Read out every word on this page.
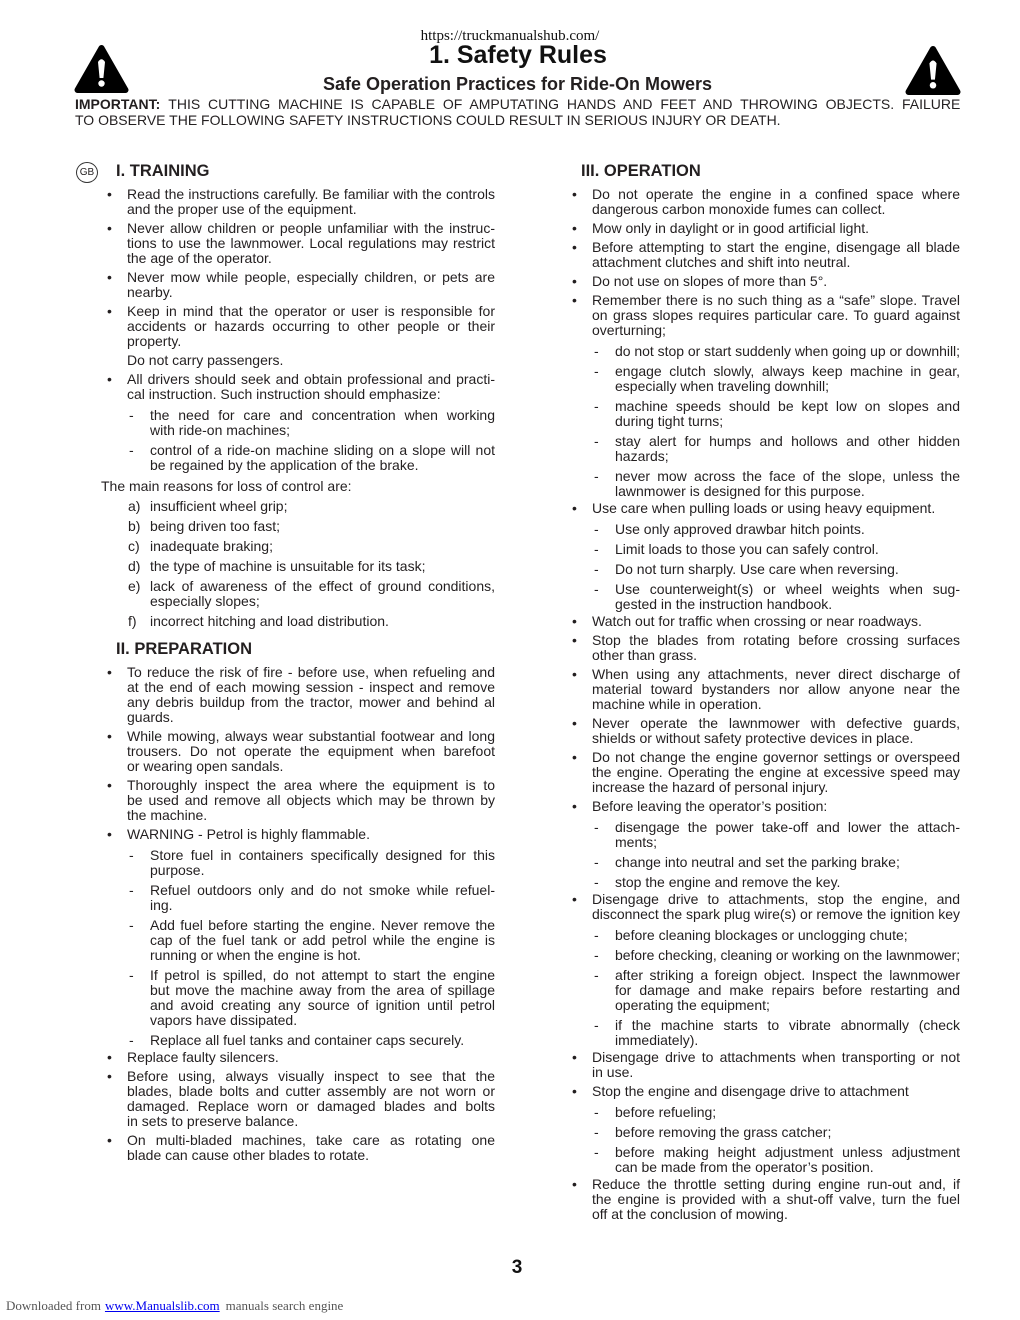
https://truckmanualshub.com/
1. Safety Rules
Safe Operation Practices for Ride-On Mowers
IMPORTANT: THIS CUTTING MACHINE IS CAPABLE OF AMPUTATING HANDS AND FEET AND THROWING OBJECTS. FAILURE
TO OBSERVE THE FOLLOWING SAFETY INSTRUCTIONS COULD RESULT IN SERIOUS INJURY OR DEATH.
GB	I. TRAINING
• Read the instructions carefully. Be familiar with the controls
and the proper use of the equipment.
• Never allow children or people unfamiliar with the instruc-
tions to use the lawnmower. Local regulations may restrict
the age of the operator.
• Never mow while people, especially children, or pets are
nearby.
• Keep in mind that the operator or user is responsible for
accidents or hazards occurring to other people or their
property.
Do not carry passengers.
• All drivers should seek and obtain professional and practi-
cal instruction. Such instruction should emphasize:
- the need for care and concentration when working
with ride-on machines;
- control of a ride-on machine sliding on a slope will not
be regained by the application of the brake.
The main reasons for loss of control are:
a) insufficient wheel grip;
b) being driven too fast;
c) inadequate braking;
d) the type of machine is unsuitable for its task;
e) lack of awareness of the effect of ground conditions,
especially slopes;
f) incorrect hitching and load distribution.
II. PREPARATION
• To reduce the risk of fire - before use, when refueling and
at the end of each mowing session - inspect and remove
any debris buildup from the tractor, mower and behind al
guards.
• While mowing, always wear substantial footwear and long
trousers. Do not operate the equipment when barefoot
or wearing open sandals.
• Thoroughly inspect the area where the equipment is to
be used and remove all objects which may be thrown by
the machine.
• WARNING - Petrol is highly flammable.
- Store fuel in containers specifically designed for this
purpose.
- Refuel outdoors only and do not smoke while refuel-
ing.
- Add fuel before starting the engine. Never remove the
cap of the fuel tank or add petrol while the engine is
running or when the engine is hot.
- If petrol is spilled, do not attempt to start the engine
but move the machine away from the area of spillage
and avoid creating any source of ignition until petrol
vapors have dissipated.
- Replace all fuel tanks and container caps securely.
• Replace faulty silencers.
• Before using, always visually inspect to see that the
blades, blade bolts and cutter assembly are not worn or
damaged. Replace worn or damaged blades and bolts
in sets to preserve balance.
• On multi-bladed machines, take care as rotating one
blade can cause other blades to rotate.
III. OPERATION
• Do not operate the engine in a confined space where
dangerous carbon monoxide fumes can collect.
• Mow only in daylight or in good artificial light.
• Before attempting to start the engine, disengage all blade
attachment clutches and shift into neutral.
• Do not use on slopes of more than 5°.
• Remember there is no such thing as a “safe” slope. Travel
on grass slopes requires particular care. To guard against
overturning;
- do not stop or start suddenly when going up or downhill;
- engage clutch slowly, always keep machine in gear,
especially when traveling downhill;
- machine speeds should be kept low on slopes and
during tight turns;
- stay alert for humps and hollows and other hidden
hazards;
- never mow across the face of the slope, unless the
lawnmower is designed for this purpose.
• Use care when pulling loads or using heavy equipment.
- Use only approved drawbar hitch points.
- Limit loads to those you can safely control.
- Do not turn sharply. Use care when reversing.
- Use counterweight(s) or wheel weights when sug-
gested in the instruction handbook.
• Watch out for traffic when crossing or near roadways.
• Stop the blades from rotating before crossing surfaces
other than grass.
• When using any attachments, never direct discharge of
material toward bystanders nor allow anyone near the
machine while in operation.
• Never operate the lawnmower with defective guards,
shields or without safety protective devices in place.
• Do not change the engine governor settings or overspeed
the engine. Operating the engine at excessive speed may
increase the hazard of personal injury.
• Before leaving the operator’s position:
- disengage the power take-off and lower the attach-
ments;
- change into neutral and set the parking brake;
- stop the engine and remove the key.
• Disengage drive to attachments, stop the engine, and
disconnect the spark plug wire(s) or remove the ignition key
- before cleaning blockages or unclogging chute;
- before checking, cleaning or working on the lawnmower;
- after striking a foreign object. Inspect the lawnmower
for damage and make repairs before restarting and
operating the equipment;
- if the machine starts to vibrate abnormally (check
immediately).
• Disengage drive to attachments when transporting or not
in use.
• Stop the engine and disengage drive to attachment
- before refueling;
- before removing the grass catcher;
- before making height adjustment unless adjustment
can be made from the operator’s position.
• Reduce the throttle setting during engine run-out and, if
the engine is provided with a shut-off valve, turn the fuel
off at the conclusion of mowing.
3
Downloaded from www.Manualslib.com manuals search engine
